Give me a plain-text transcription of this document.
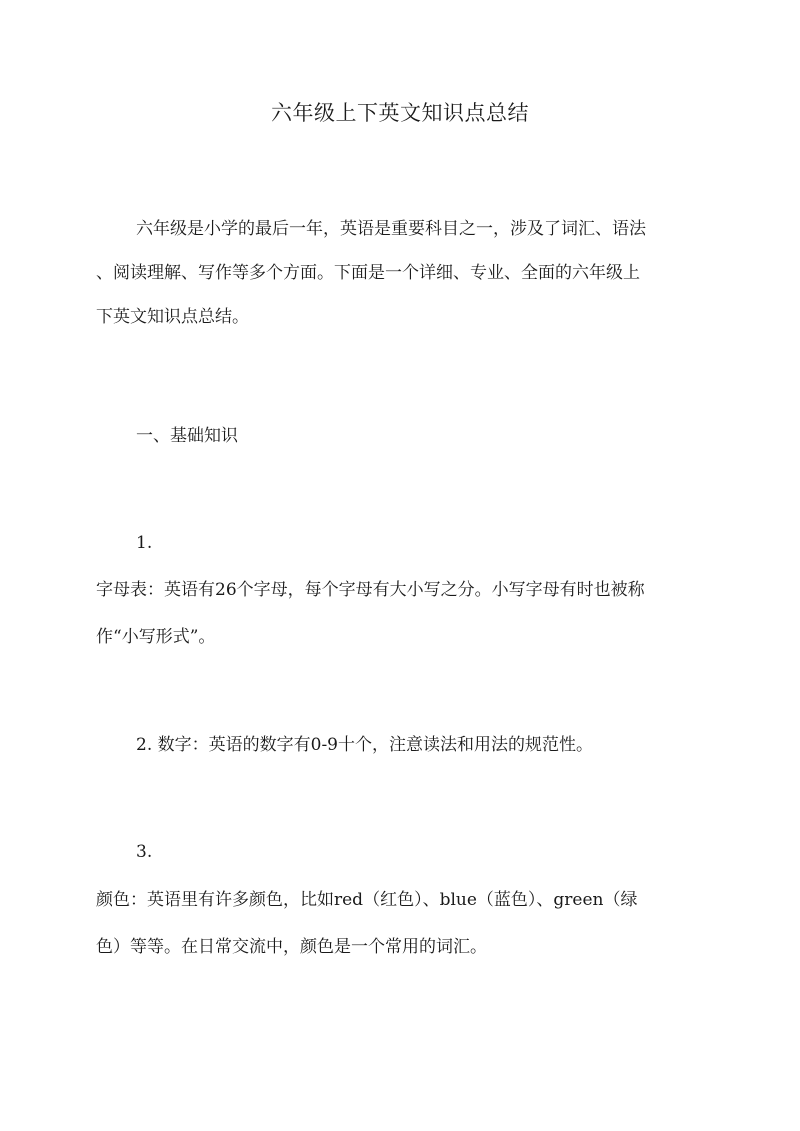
六年级上下英文知识点总结
六年级是小学的最后一年，英语是重要科目之一，涉及了词汇、语法
、阅读理解、写作等多个方面。下面是一个详细、专业、全面的六年级上
下英文知识点总结。
一、基础知识
1.
字母表：英语有26个字母，每个字母有大小写之分。小写字母有时也被称
作“小写形式”。
2. 数字：英语的数字有0-9十个，注意读法和用法的规范性。
3.
颜色：英语里有许多颜色，比如red（红色）、blue（蓝色）、green（绿
色）等等。在日常交流中，颜色是一个常用的词汇。
